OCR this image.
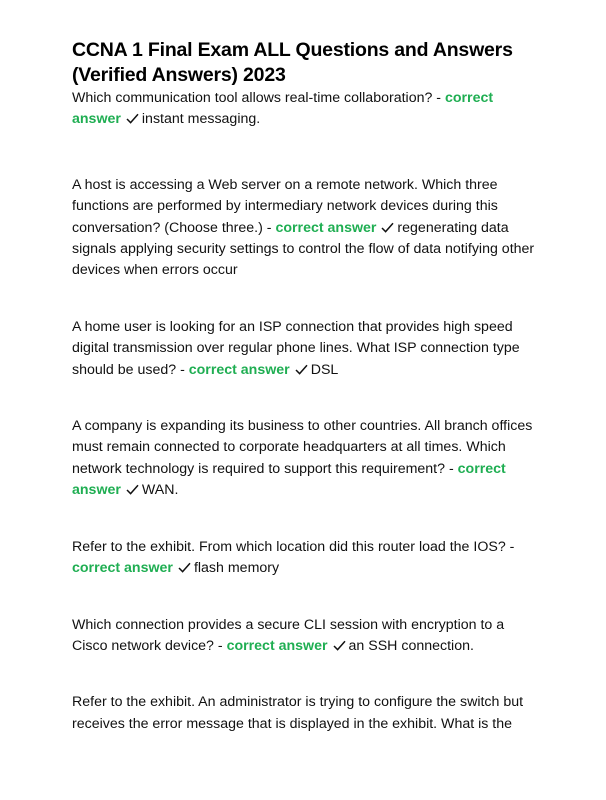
CCNA 1 Final Exam ALL Questions and Answers (Verified Answers) 2023

Which communication tool allows real-time collaboration? - correct answer instant messaging.

A host is accessing a Web server on a remote network. Which three functions are performed by intermediary network devices during this conversation? (Choose three.) - correct answer regenerating data signals applying security settings to control the flow of data notifying other devices when errors occur

A home user is looking for an ISP connection that provides high speed digital transmission over regular phone lines. What ISP connection type should be used? - correct answer DSL

A company is expanding its business to other countries. All branch offices must remain connected to corporate headquarters at all times. Which network technology is required to support this requirement? - correct answer WAN.

Refer to the exhibit. From which location did this router load the IOS? - correct answer flash memory

Which connection provides a secure CLI session with encryption to a Cisco network device? - correct answer an SSH connection.

Refer to the exhibit. An administrator is trying to configure the switch but receives the error message that is displayed in the exhibit. What is the
